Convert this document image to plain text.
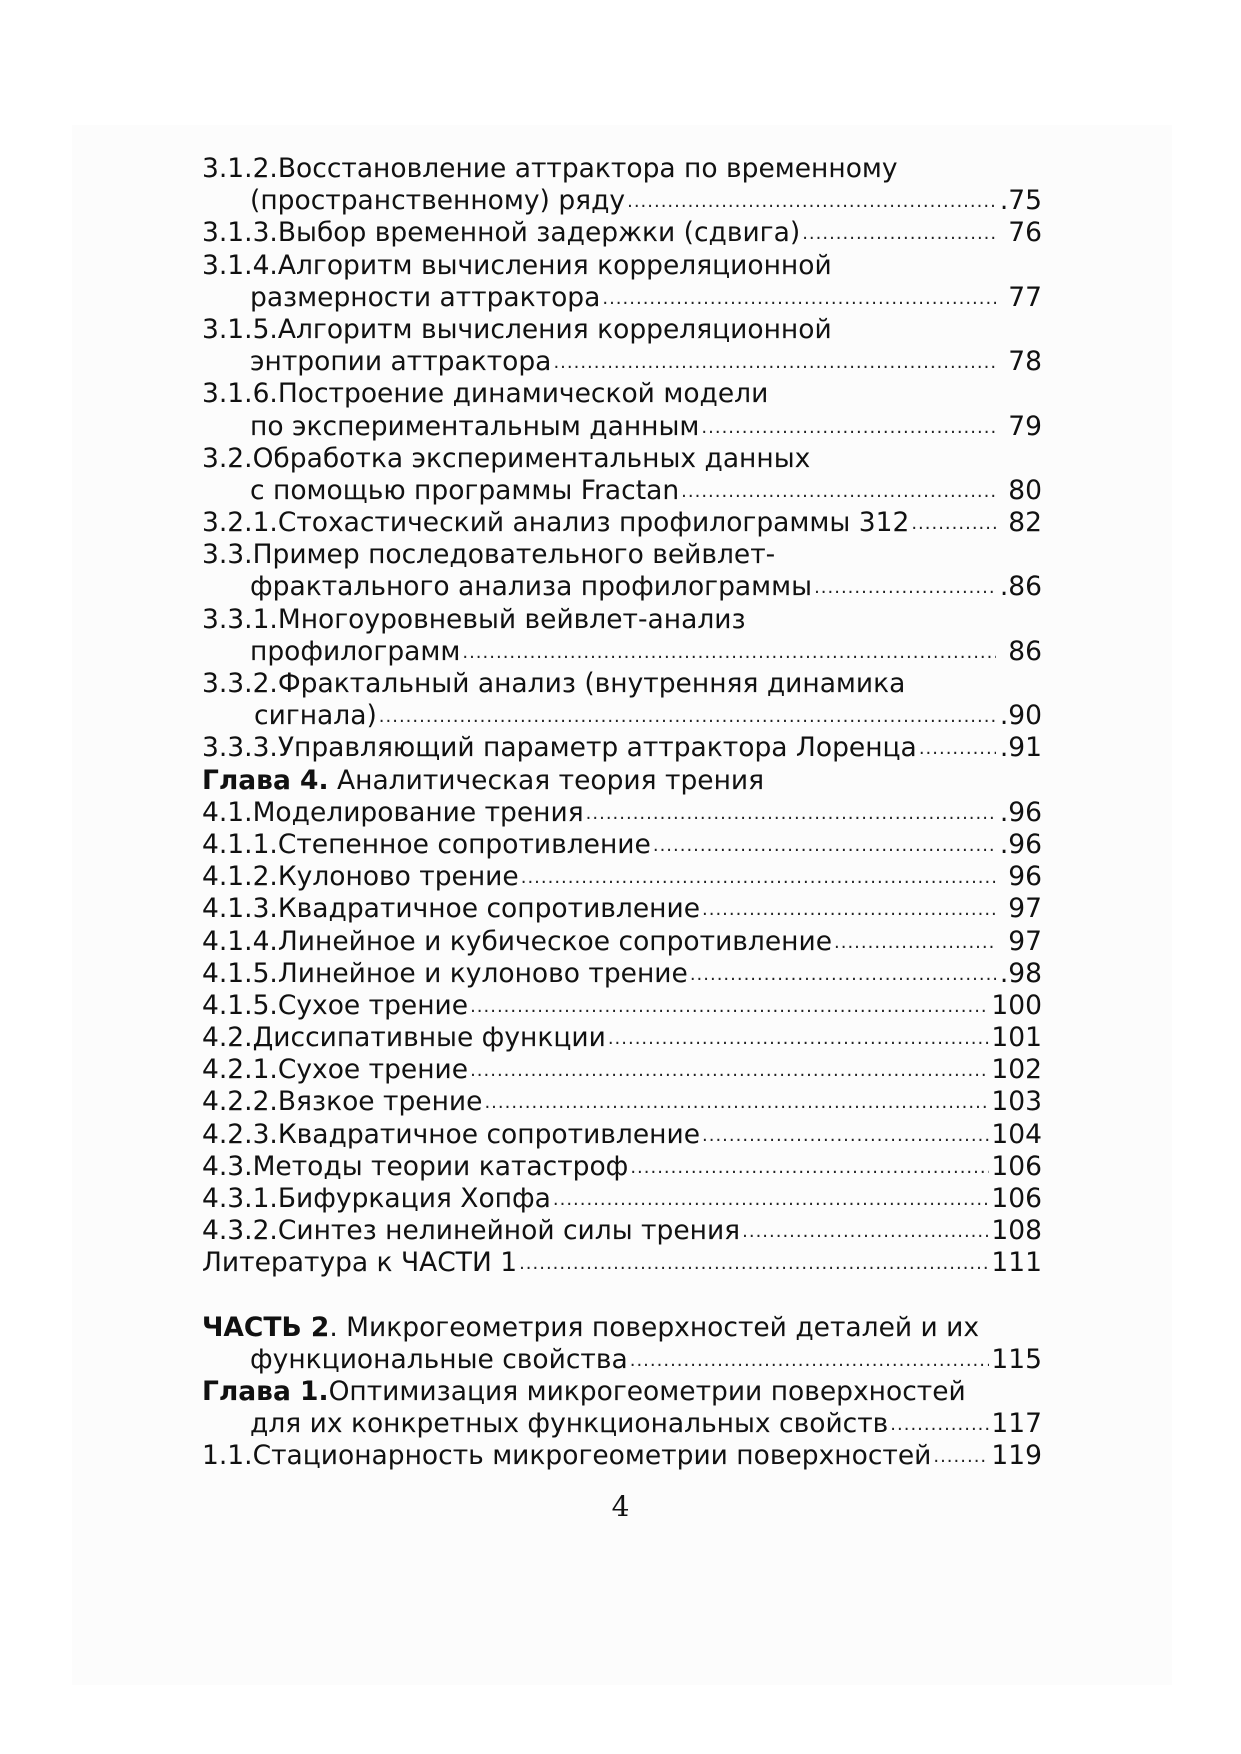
3.1.2.Восстановление аттрактора по временному
(пространственному) ряду .....	.75
3.1.3.Выбор временной задержки (сдвига) .....	76
3.1.4.Алгоритм вычисления корреляционной
размерности аттрактора .....	77
3.1.5.Алгоритм вычисления корреляционной
энтропии аттрактора .....	78
3.1.6.Построение динамической модели
по экспериментальным данным .....	79
3.2.Обработка экспериментальных данных
с помощью программы Fractan .....	80
3.2.1.Стохастический анализ профилограммы 312 .....	82
3.3.Пример последовательного вейвлет-
фрактального анализа профилограммы .....	.86
3.3.1.Многоуровневый вейвлет-анализ
профилограмм .....	86
3.3.2.Фрактальный анализ (внутренняя динамика
сигнала) .....	.90
3.3.3.Управляющий параметр аттрактора Лоренца .....	.91
Глава 4. Аналитическая теория трения
4.1.Моделирование трения .....	.96
4.1.1.Степенное сопротивление .....	.96
4.1.2.Кулоново трение .....	96
4.1.3.Квадратичное сопротивление .....	97
4.1.4.Линейное и кубическое сопротивление .....	97
4.1.5.Линейное и кулоново трение .....	.98
4.1.5.Сухое трение .....	100
4.2.Диссипативные функции .....	101
4.2.1.Сухое трение .....	102
4.2.2.Вязкое трение .....	103
4.2.3.Квадратичное сопротивление .....	104
4.3.Методы теории катастроф .....	106
4.3.1.Бифуркация Хопфа .....	106
4.3.2.Синтез нелинейной силы трения .....	108
Литература к ЧАСТИ 1 .....	111
ЧАСТЬ 2. Микрогеометрия поверхностей деталей и их
функциональные свойства .....	115
Глава 1.Оптимизация микрогеометрии поверхностей
для их конкретных функциональных свойств .....	117
1.1.Стационарность микрогеометрии поверхностей ..... 119
4
